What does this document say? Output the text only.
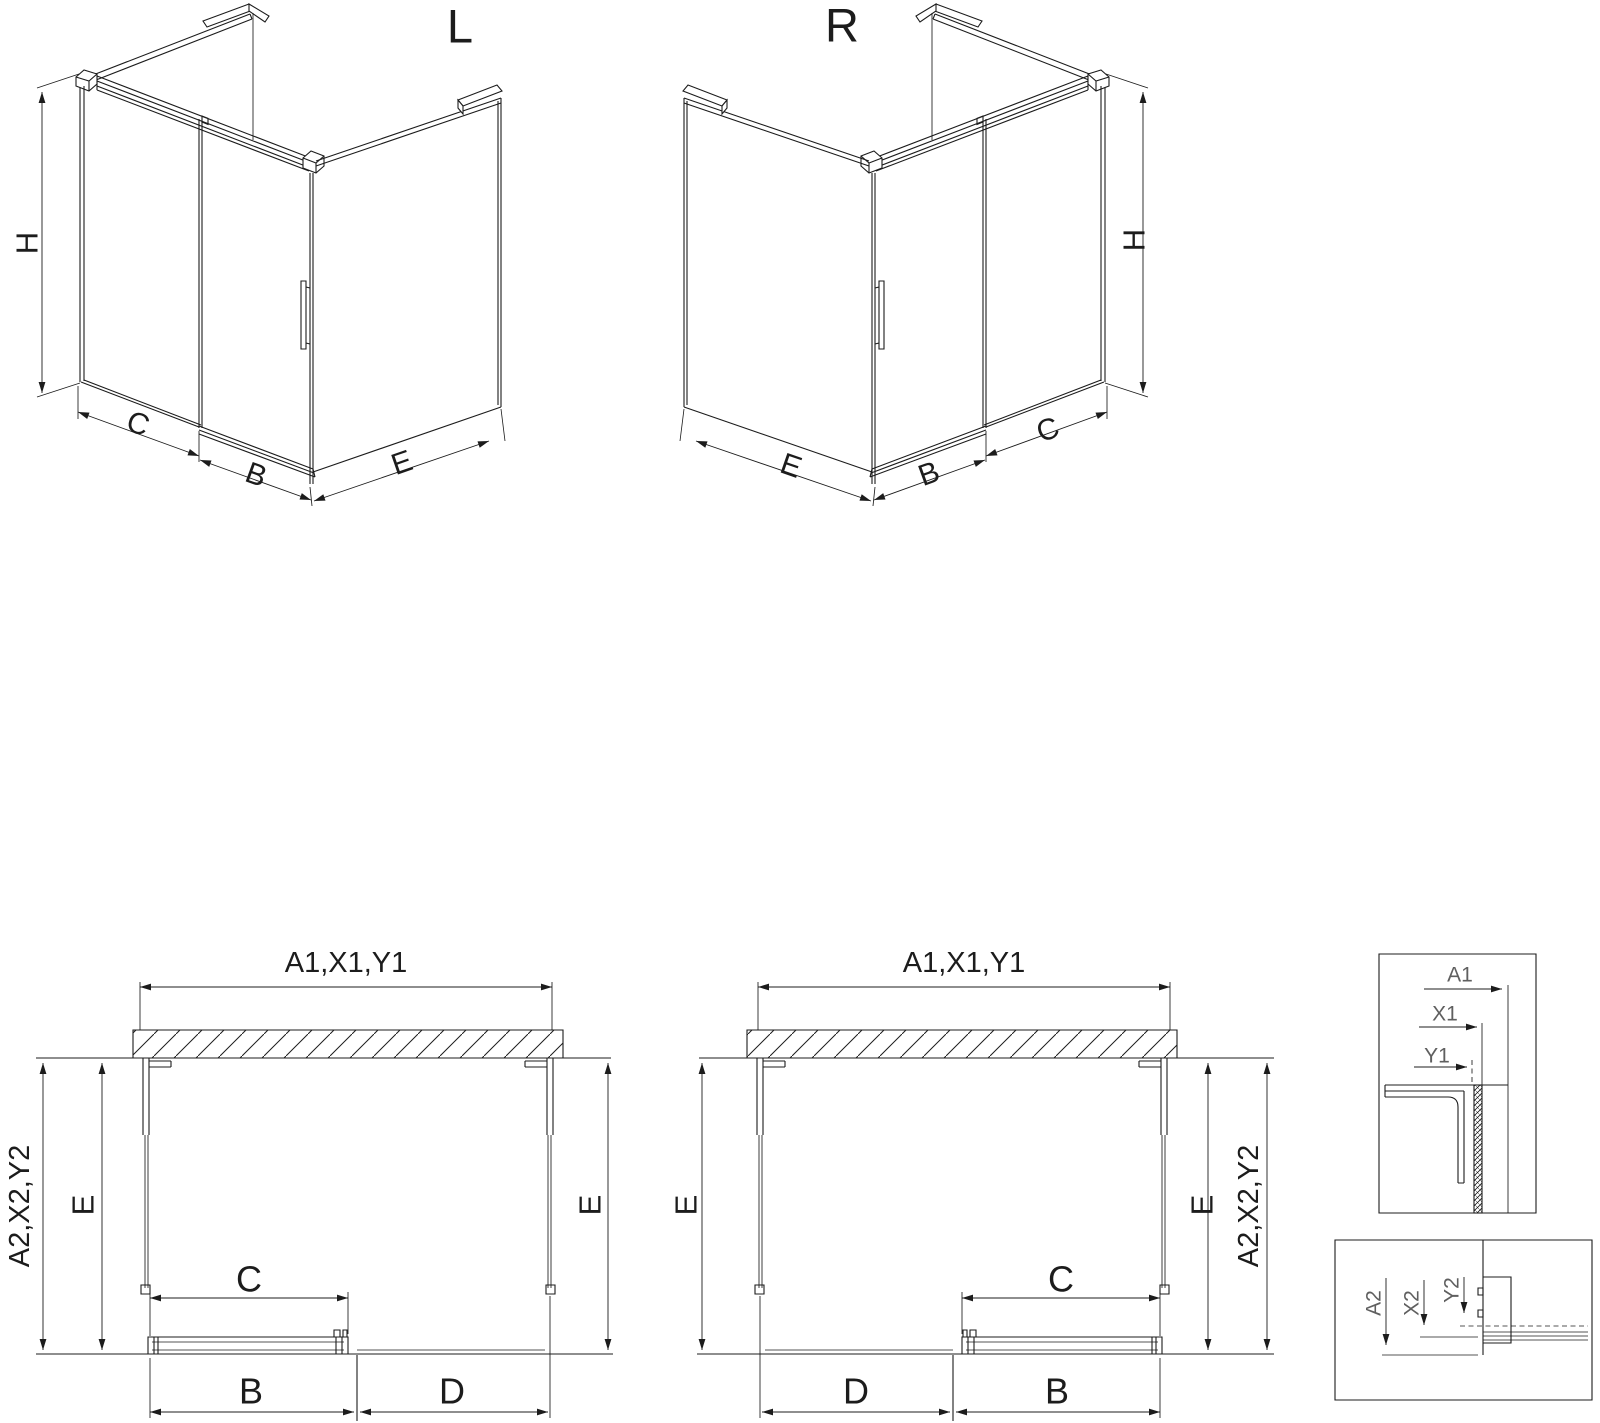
L
H
C
B	E
R
H
E	B
C
A1,X1,Y1
A2,X2,Y2 E	E
C
B	D
A1,X1,Y1
A2,X2,Y2
E	E
C
B
D
A1
X1
Y1
A2 X2
Y2
